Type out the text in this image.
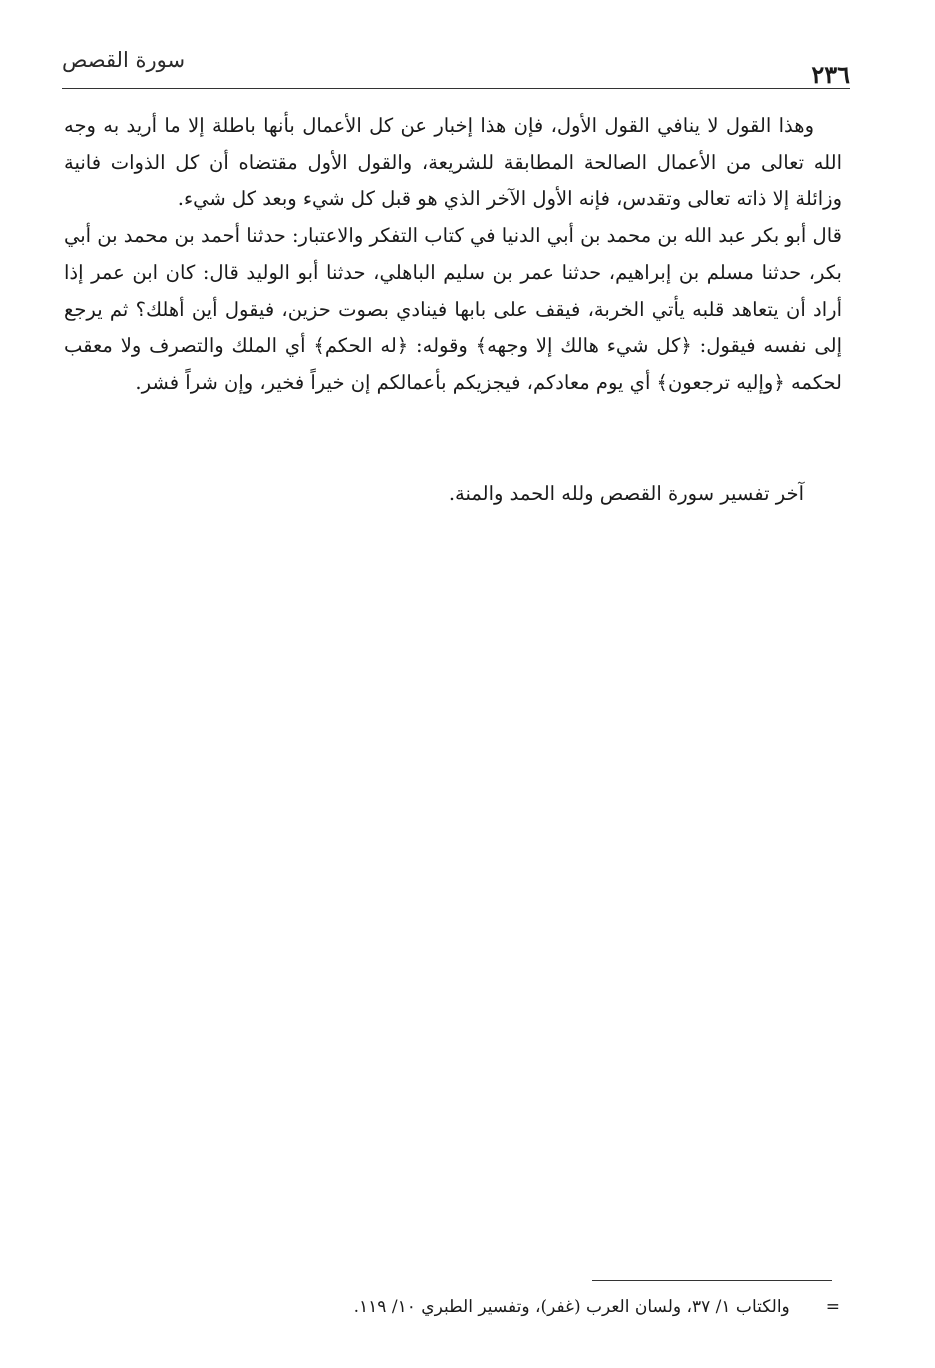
سورة القصص	٢٣٦

وهذا القول لا ينافي القول الأول، فإن هذا إخبار عن كل الأعمال بأنها باطلة إلا ما أريد به وجه الله تعالى من الأعمال الصالحة المطابقة للشريعة، والقول الأول مقتضاه أن كل الذوات فانية وزائلة إلا ذاته تعالى وتقدس، فإنه الأول الآخر الذي هو قبل كل شيء وبعد كل شيء.

قال أبو بكر عبد الله بن محمد بن أبي الدنيا في كتاب التفكر والاعتبار: حدثنا أحمد بن محمد بن أبي بكر، حدثنا مسلم بن إبراهيم، حدثنا عمر بن سليم الباهلي، حدثنا أبو الوليد قال: كان ابن عمر إذا أراد أن يتعاهد قلبه يأتي الخربة، فيقف على بابها فينادي بصوت حزين، فيقول أين أهلك؟ ثم يرجع إلى نفسه فيقول: ﴿كل شيء هالك إلا وجهه﴾ وقوله: ﴿له الحكم﴾ أي الملك والتصرف ولا معقب لحكمه ﴿وإليه ترجعون﴾ أي يوم معادكم، فيجزيكم بأعمالكم إن خيراً فخير، وإن شراً فشر.

آخر تفسير سورة القصص ولله الحمد والمنة.
=والكتاب ١/ ٣٧، ولسان العرب (غفر)، وتفسير الطبري ١٠/ ١١٩.
